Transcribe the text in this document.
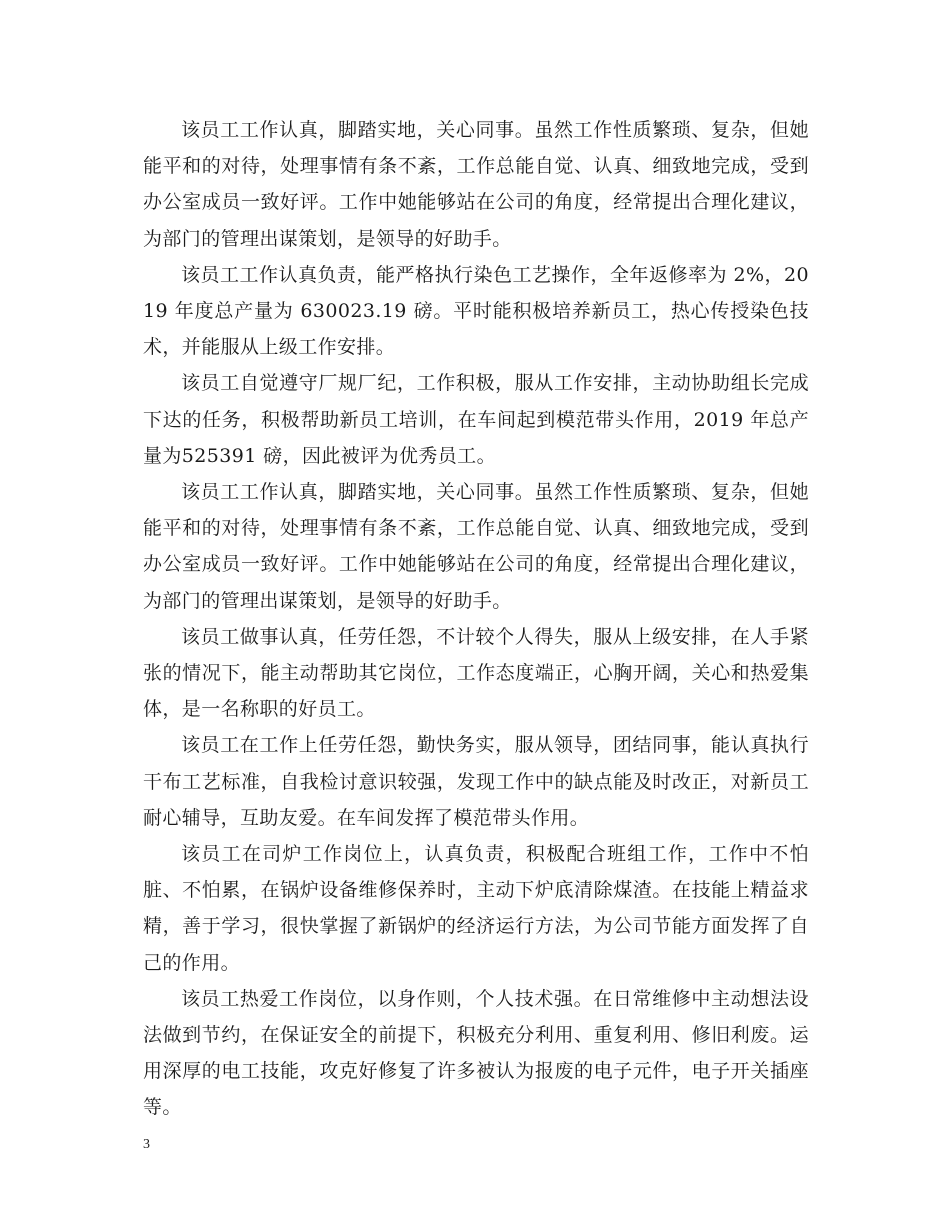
该员工工作认真，脚踏实地，关心同事。虽然工作性质繁琐、复杂，但她能平和的对待，处理事情有条不紊，工作总能自觉、认真、细致地完成，受到办公室成员一致好评。工作中她能够站在公司的角度，经常提出合理化建议，为部门的管理出谋策划，是领导的好助手。

该员工工作认真负责，能严格执行染色工艺操作，全年返修率为 2%，2019 年度总产量为 630023.19 磅。平时能积极培养新员工，热心传授染色技术，并能服从上级工作安排。

该员工自觉遵守厂规厂纪，工作积极，服从工作安排，主动协助组长完成下达的任务，积极帮助新员工培训，在车间起到模范带头作用，2019 年总产量为525391 磅，因此被评为优秀员工。

该员工工作认真，脚踏实地，关心同事。虽然工作性质繁琐、复杂，但她能平和的对待，处理事情有条不紊，工作总能自觉、认真、细致地完成，受到办公室成员一致好评。工作中她能够站在公司的角度，经常提出合理化建议，为部门的管理出谋策划，是领导的好助手。

该员工做事认真，任劳任怨，不计较个人得失，服从上级安排，在人手紧张的情况下，能主动帮助其它岗位，工作态度端正，心胸开阔，关心和热爱集体，是一名称职的好员工。

该员工在工作上任劳任怨，勤快务实，服从领导，团结同事，能认真执行干布工艺标准，自我检讨意识较强，发现工作中的缺点能及时改正，对新员工耐心辅导，互助友爱。在车间发挥了模范带头作用。

该员工在司炉工作岗位上，认真负责，积极配合班组工作，工作中不怕脏、不怕累，在锅炉设备维修保养时，主动下炉底清除煤渣。在技能上精益求精，善于学习，很快掌握了新锅炉的经济运行方法，为公司节能方面发挥了自己的作用。

该员工热爱工作岗位，以身作则，个人技术强。在日常维修中主动想法设法做到节约，在保证安全的前提下，积极充分利用、重复利用、修旧利废。运用深厚的电工技能，攻克好修复了许多被认为报废的电子元件，电子开关插座等。

3
